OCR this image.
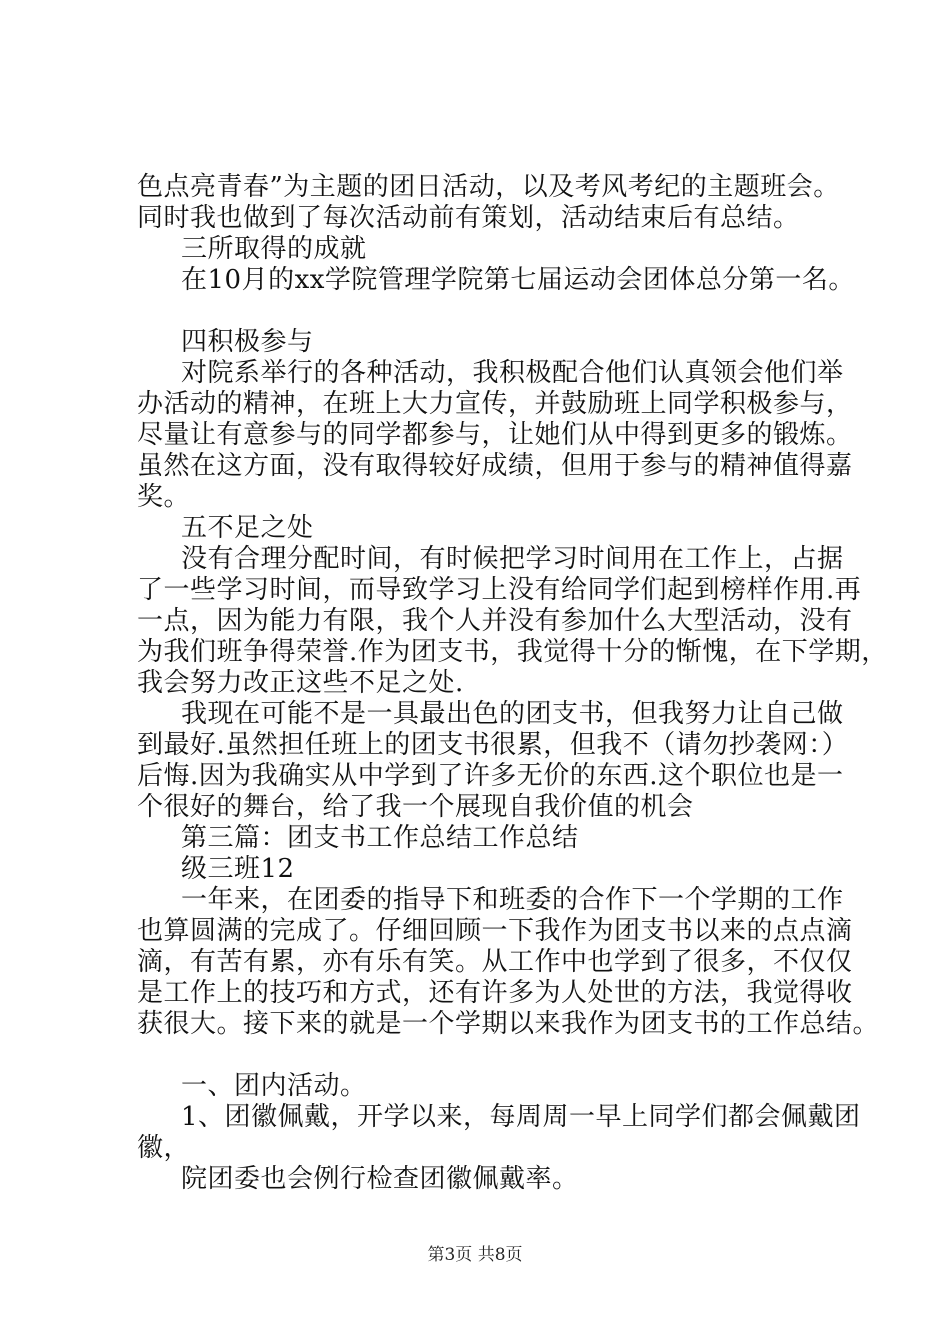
色点亮青春”为主题的团日活动，以及考风考纪的主题班会。
同时我也做到了每次活动前有策划，活动结束后有总结。
三所取得的成就
在10月的xx学院管理学院第七届运动会团体总分第一名。
四积极参与
对院系举行的各种活动，我积极配合他们认真领会他们举
办活动的精神，在班上大力宣传，并鼓励班上同学积极参与，
尽量让有意参与的同学都参与，让她们从中得到更多的锻炼。
虽然在这方面，没有取得较好成绩，但用于参与的精神值得嘉
奖。
五不足之处
没有合理分配时间，有时候把学习时间用在工作上，占据
了一些学习时间，而导致学习上没有给同学们起到榜样作用.再
一点，因为能力有限，我个人并没有参加什么大型活动，没有
为我们班争得荣誉.作为团支书，我觉得十分的惭愧，在下学期，
我会努力改正这些不足之处.
我现在可能不是一具最出色的团支书，但我努力让自己做
到最好.虽然担任班上的团支书很累，但我不（请勿抄袭网：）
后悔.因为我确实从中学到了许多无价的东西.这个职位也是一
个很好的舞台，给了我一个展现自我价值的机会
第三篇：团支书工作总结工作总结
级三班12
一年来，在团委的指导下和班委的合作下一个学期的工作
也算圆满的完成了。仔细回顾一下我作为团支书以来的点点滴
滴，有苦有累，亦有乐有笑。从工作中也学到了很多，不仅仅
是工作上的技巧和方式，还有许多为人处世的方法，我觉得收
获很大。接下来的就是一个学期以来我作为团支书的工作总结。
一、团内活动。
1、团徽佩戴，开学以来，每周周一早上同学们都会佩戴团
徽，
院团委也会例行检查团徽佩戴率。
第3页 共8页
